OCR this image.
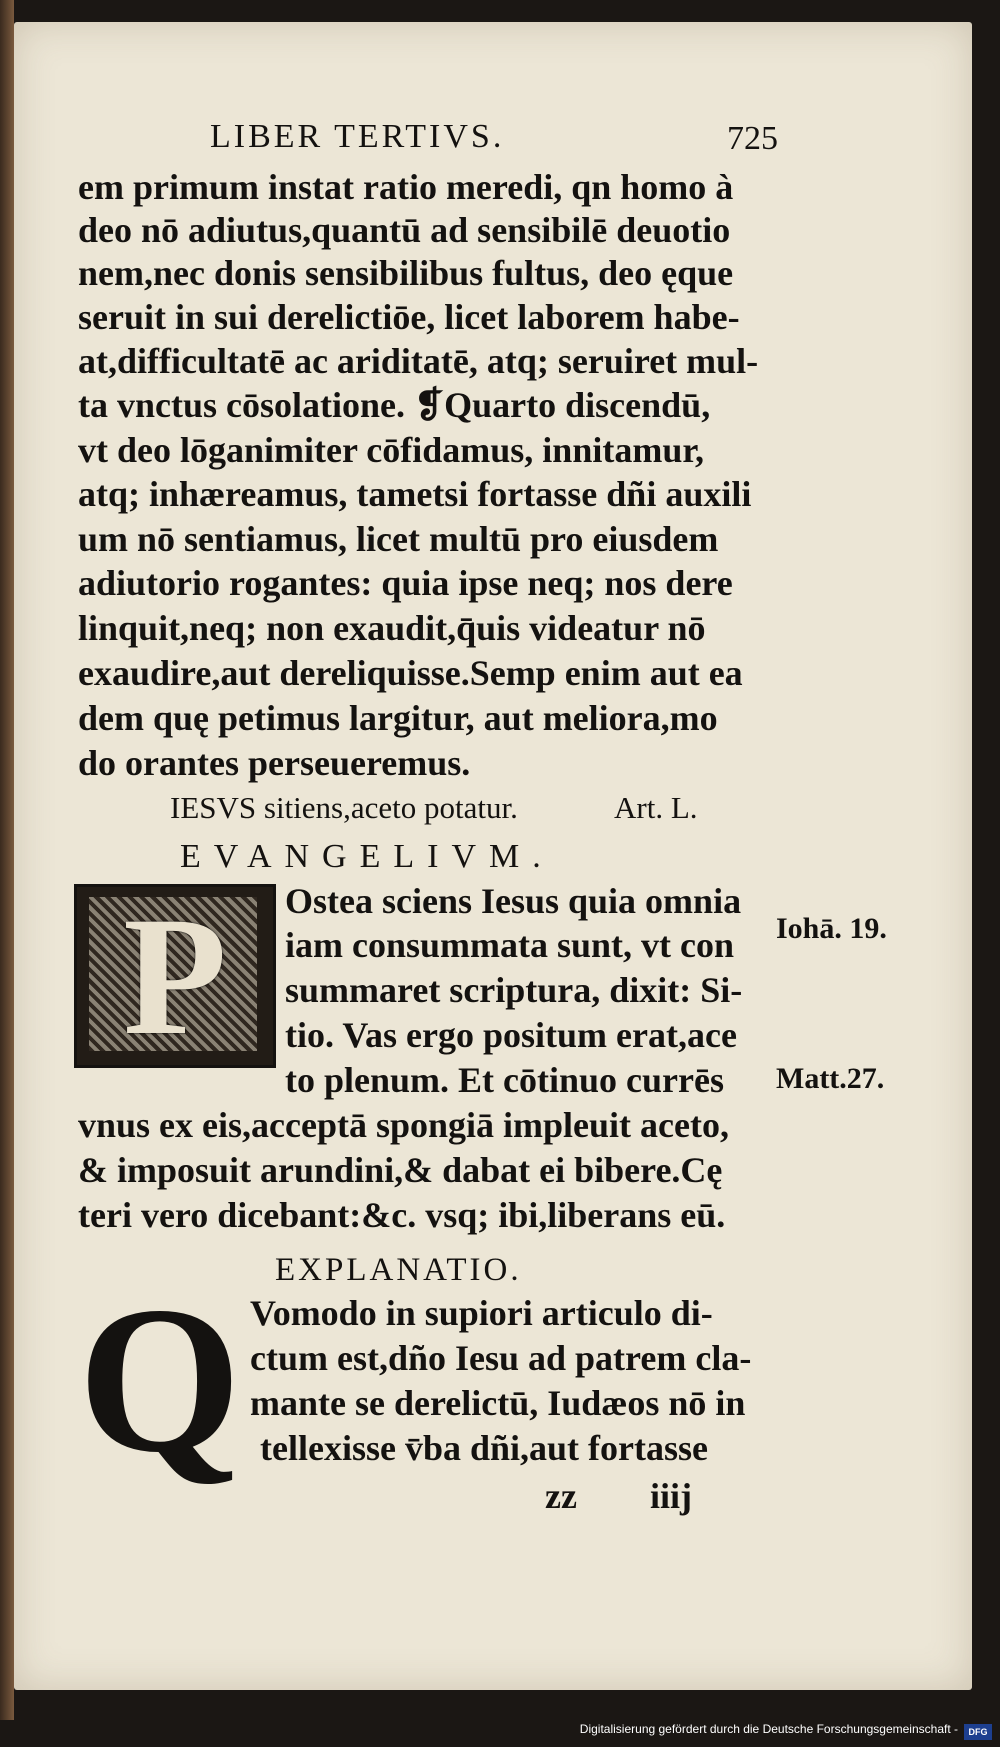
LIBER TERTIVS.	725
em primum instat ratio meredi, qn homo à
deo nō adiutus,quantū ad sensibilē deuotio
nem,nec donis sensibilibus fultus, deo ęque
seruit in sui derelictiōe, licet laborem habe-
at,difficultatē ac ariditatē, atq; seruiret mul-
ta vnctus cōsolatione. ❡Quarto discendū,
vt deo lōganimiter cōfidamus, innitamur,
atq; inhæreamus, tametsi fortasse dñi auxili
um nō sentiamus, licet multū pro eiusdem
adiutorio rogantes: quia ipse neq; nos dere
linquit,neq; non exaudit,q̄uis videatur nō
exaudire,aut dereliquisse.Semp enim aut ea
dem quę petimus largitur, aut meliora,mo
do orantes perseueremus.
IESVS sitiens,aceto potatur.	Art. L.
EVANGELIVM.
P Ostea sciens Iesus quia omnia
iam consummata sunt, vt con
summaret scriptura, dixit: Si-
tio. Vas ergo positum erat,ace
to plenum. Et cōtinuo currēs
vnus ex eis,acceptā spongiā impleuit aceto,
& imposuit arundini,& dabat ei bibere.Cę
teri vero dicebant:&c. vsq; ibi,liberans eū.
Iohā. 19.
Matt.27.
EXPLANATIO.
Q Vomodo in supiori articulo di-
ctum est,dño Iesu ad patrem cla-
mante se derelictū, Iudæos nō in
tellexisse v̄ba dñi,aut fortasse
zz iiij
Digitalisierung gefördert durch die Deutsche Forschungsgemeinschaft -	DFG
